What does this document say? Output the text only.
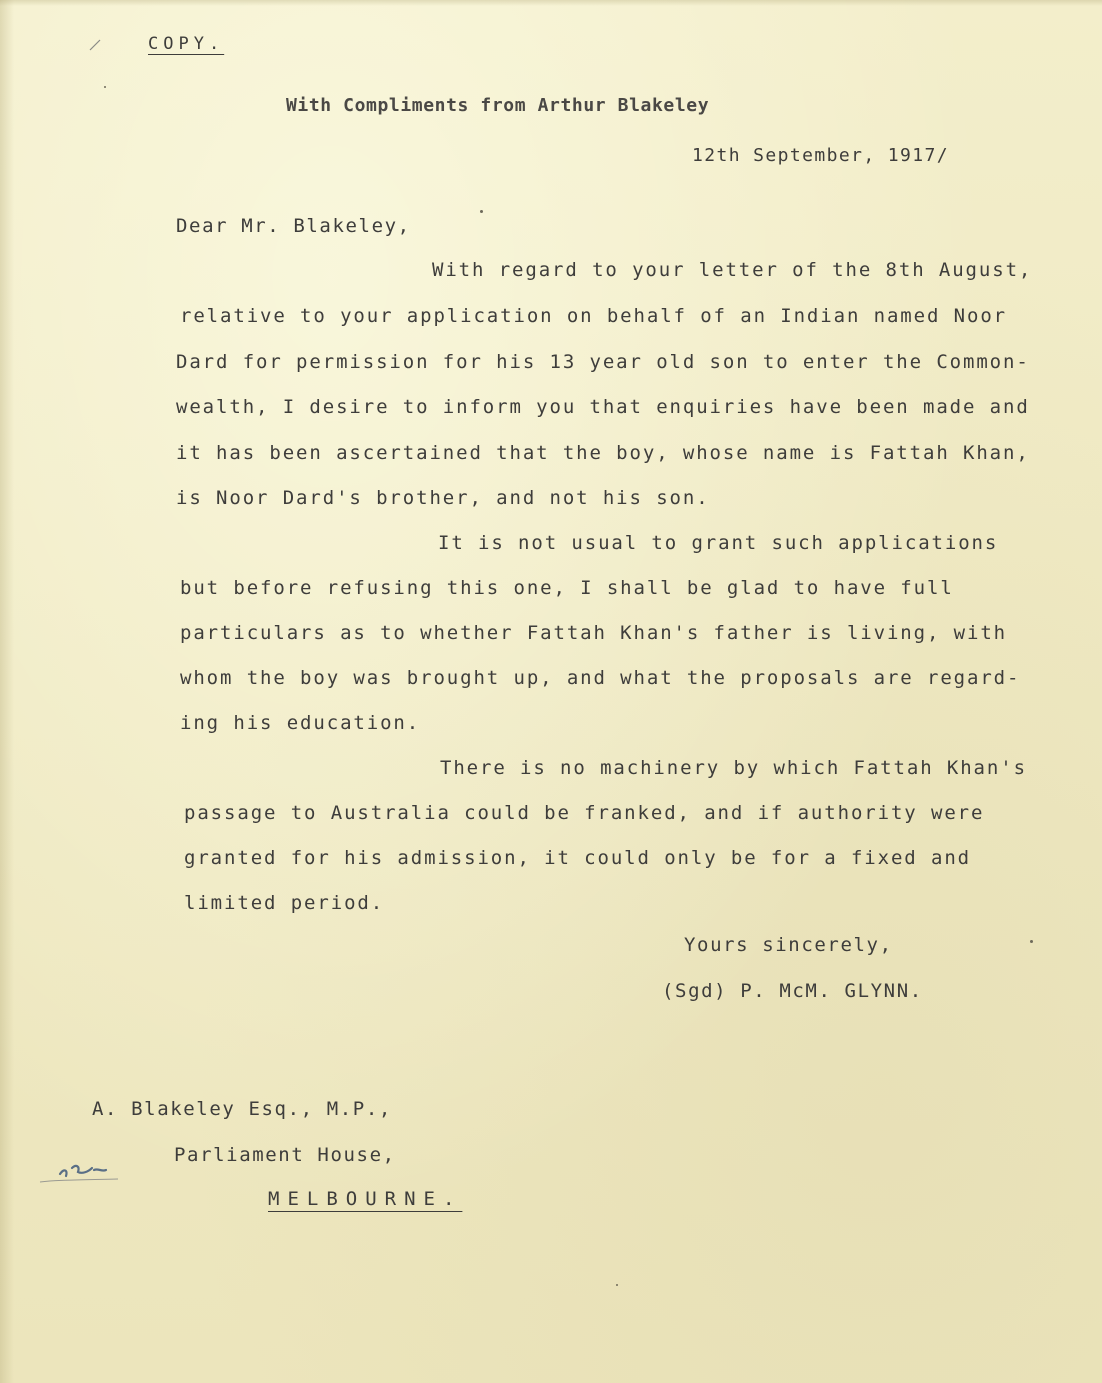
COPY.
With Compliments from Arthur Blakeley
12th September, 1917/
Dear Mr. Blakeley,
With regard to your letter of the 8th August,
relative to your application on behalf of an Indian named Noor
Dard for permission for his 13 year old son to enter the Common-
wealth, I desire to inform you that enquiries have been made and
it has been ascertained that the boy, whose name is Fattah Khan,
is Noor Dard's brother, and not his son.
It is not usual to grant such applications
but before refusing this one, I shall be glad to have full
particulars as to whether Fattah Khan's father is living, with
whom the boy was brought up, and what the proposals are regard-
ing his education.
There is no machinery by which Fattah Khan's
passage to Australia could be franked, and if authority were
granted for his admission, it could only be for a fixed and
limited period.
Yours sincerely,
(Sgd) P. McM. GLYNN.
A. Blakeley Esq., M.P.,
Parliament House,
MELBOURNE.
